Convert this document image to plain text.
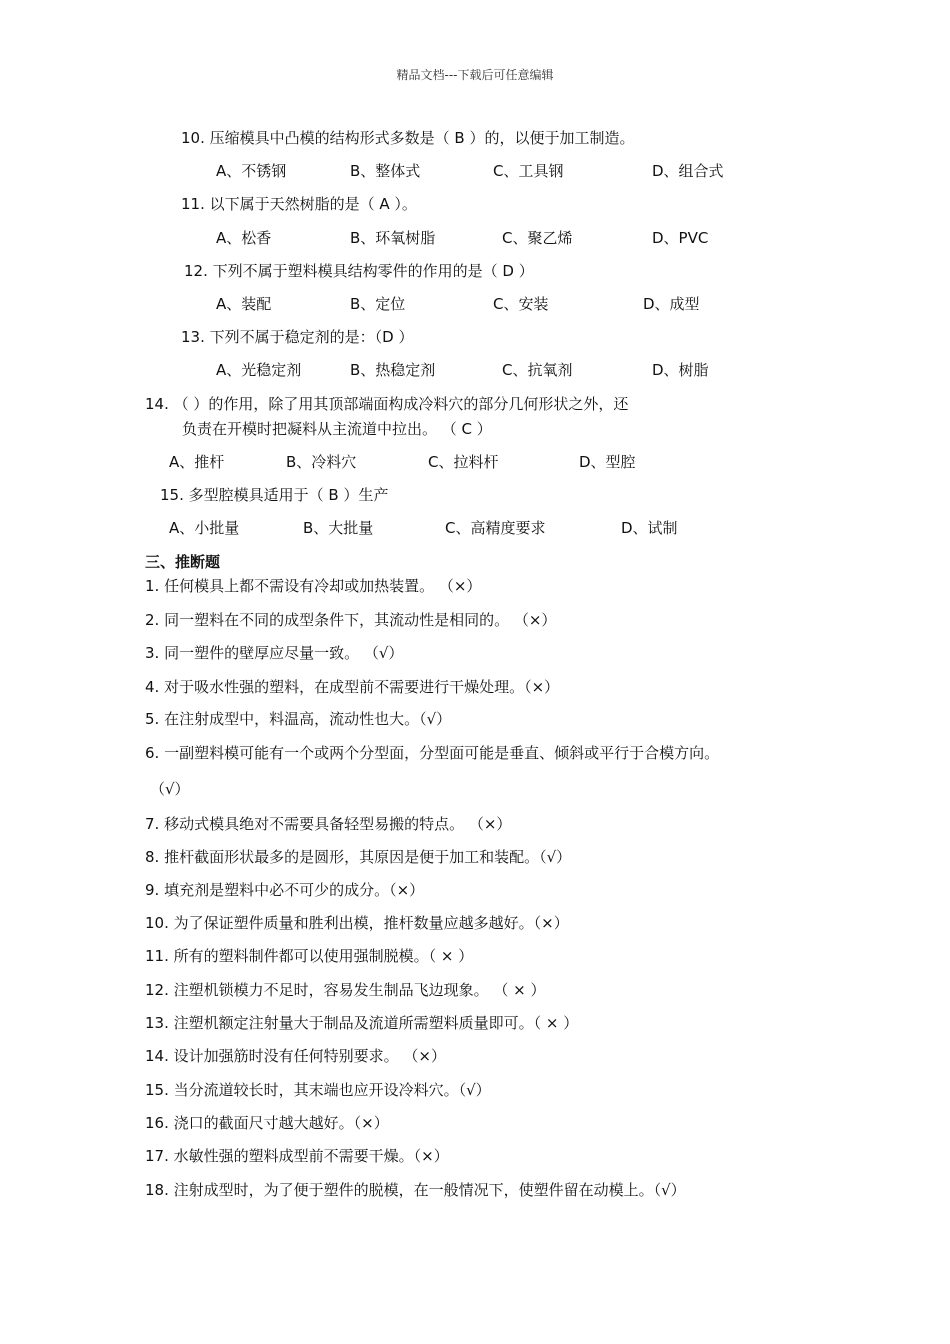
精品文档---下载后可任意编辑
10. 压缩模具中凸模的结构形式多数是（ B ）的，以便于加工制造。
A、不锈钢	B、整体式	C、工具钢	D、组合式
11. 以下属于天然树脂的是（ A ）。
A、松香	B、环氧树脂	C、聚乙烯	D、PVC
12. 下列不属于塑料模具结构零件的作用的是（ D ）
A、装配	B、定位	C、安装	D、成型
13. 下列不属于稳定剂的是：（D ）
A、光稳定剂	B、热稳定剂	C、抗氧剂	D、树脂
14. （ ）的作用，除了用其顶部端面构成冷料穴的部分几何形状之外，还
负责在开模时把凝料从主流道中拉出。 （ C ）
A、推杆	B、冷料穴	C、拉料杆	D、型腔
15. 多型腔模具适用于（ B ）生产
A、小批量	B、大批量	C、高精度要求	D、试制
三、推断题
1. 任何模具上都不需设有冷却或加热装置。 （×）
2. 同一塑料在不同的成型条件下，其流动性是相同的。 （×）
3. 同一塑件的壁厚应尽量一致。 （√）
4. 对于吸水性强的塑料，在成型前不需要进行干燥处理。（×）
5. 在注射成型中，料温高，流动性也大。（√）
6. 一副塑料模可能有一个或两个分型面，分型面可能是垂直、倾斜或平行于合模方向。
（√）
7. 移动式模具绝对不需要具备轻型易搬的特点。 （×）
8. 推杆截面形状最多的是圆形，其原因是便于加工和装配。（√）
9. 填充剂是塑料中必不可少的成分。（×）
10. 为了保证塑件质量和胜利出模，推杆数量应越多越好。（×）
11. 所有的塑料制件都可以使用强制脱模。（ × ）
12. 注塑机锁模力不足时，容易发生制品飞边现象。 （ × ）
13. 注塑机额定注射量大于制品及流道所需塑料质量即可。（ × ）
14. 设计加强筋时没有任何特别要求。 （×）
15. 当分流道较长时，其末端也应开设冷料穴。（√）
16. 浇口的截面尺寸越大越好。（×）
17. 水敏性强的塑料成型前不需要干燥。（×）
18. 注射成型时，为了便于塑件的脱模，在一般情况下，使塑件留在动模上。（√）
